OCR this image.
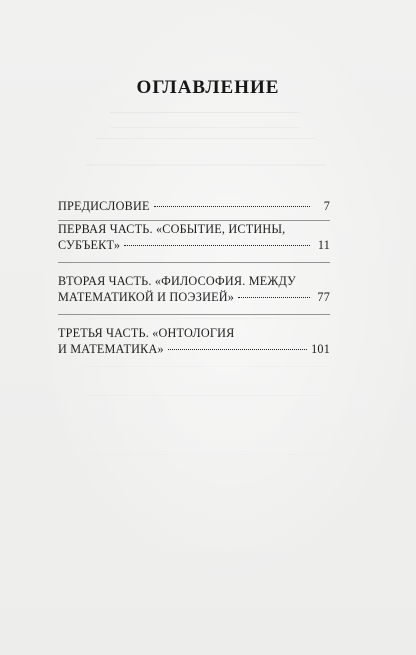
ОГЛАВЛЕНИЕ
ПРЕДИСЛОВИЕ	7
ПЕРВАЯ ЧАСТЬ. «СОБЫТИЕ, ИСТИНЫ,
СУБЪЕКТ»	11
ВТОРАЯ ЧАСТЬ. «ФИЛОСОФИЯ. МЕЖДУ
МАТЕМАТИКОЙ И ПОЭЗИЕЙ»	77
ТРЕТЬЯ ЧАСТЬ. «ОНТОЛОГИЯ
И МАТЕМАТИКА»	101
